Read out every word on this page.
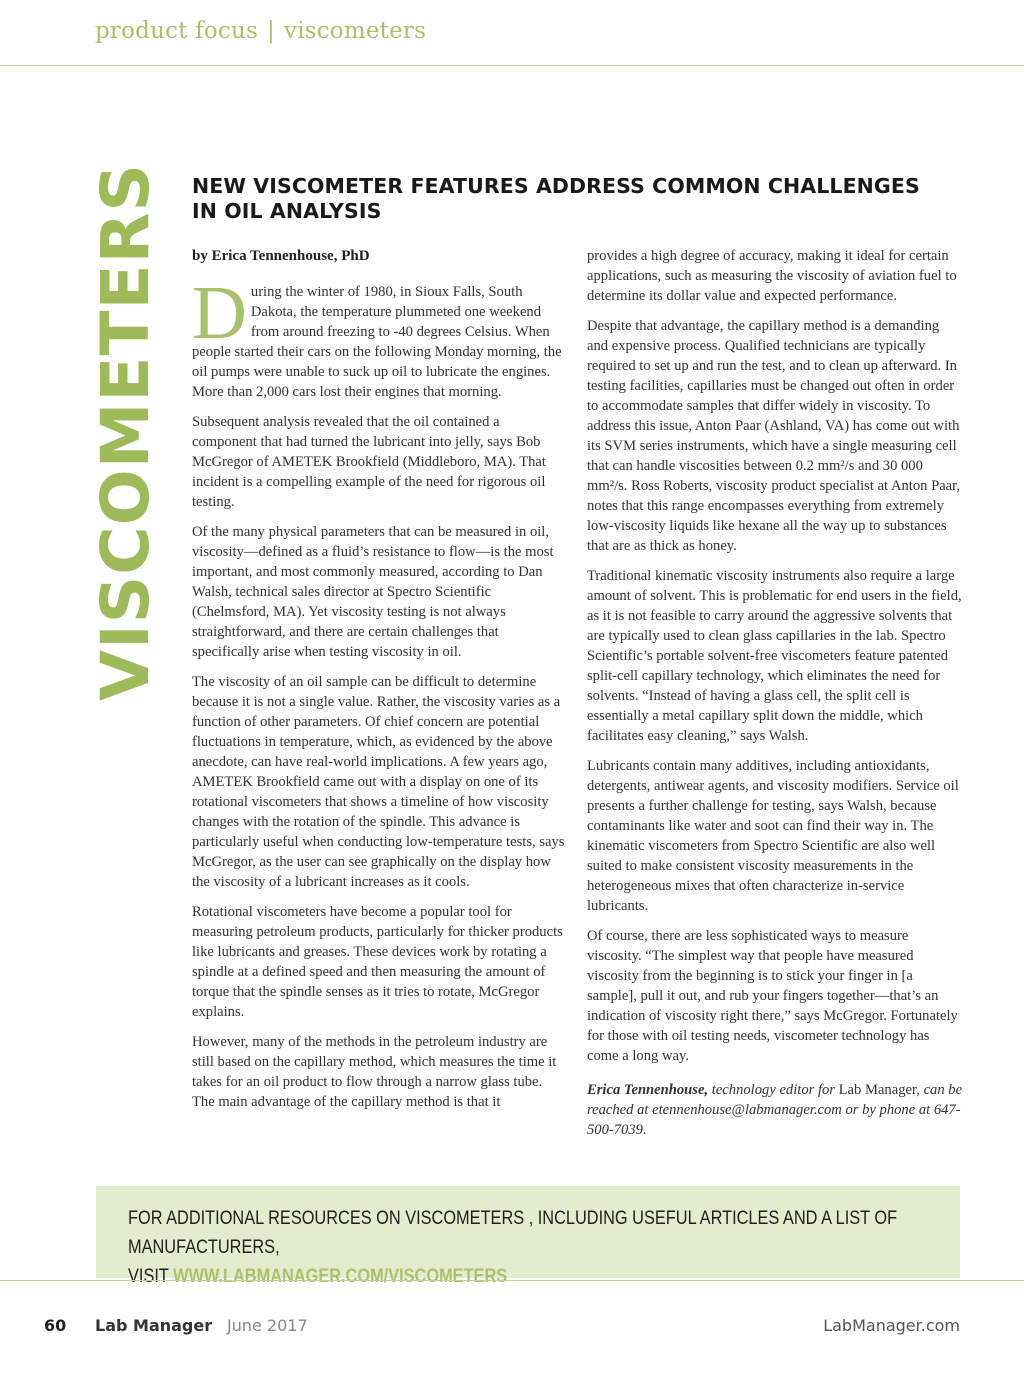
product focus | viscometers
VISCOMETERS NEW VISCOMETER FEATURES ADDRESS COMMON CHALLENGES
IN OIL ANALYSIS

by Erica Tennenhouse, PhD

During the winter of 1980, in Sioux Falls, South Dakota, the temperature plummeted one weekend from around freezing to -40 degrees Celsius. When people started their cars on the following Monday morning, the oil pumps were unable to suck up oil to lubricate the engines. More than 2,000 cars lost their engines that morning.

Subsequent analysis revealed that the oil contained a component that had turned the lubricant into jelly, says Bob McGregor of AMETEK Brookfield (Middleboro, MA). That incident is a compelling example of the need for rigorous oil testing.

Of the many physical parameters that can be measured in oil, viscosity—defined as a fluid’s resistance to flow—is the most important, and most commonly measured, according to Dan Walsh, technical sales director at Spectro Scientific (Chelmsford, MA). Yet viscosity testing is not always straightforward, and there are certain challenges that specifically arise when testing viscosity in oil.

The viscosity of an oil sample can be difficult to determine because it is not a single value. Rather, the viscosity varies as a function of other parameters. Of chief concern are potential fluctuations in temperature, which, as evidenced by the above anecdote, can have real-world implications. A few years ago, AMETEK Brookfield came out with a display on one of its rotational viscometers that shows a timeline of how viscosity changes with the rotation of the spindle. This advance is particularly useful when conducting low-temperature tests, says McGregor, as the user can see graphically on the display how the viscosity of a lubricant increases as it cools.

Rotational viscometers have become a popular tool for measuring petroleum products, particularly for thicker products like lubricants and greases. These devices work by rotating a spindle at a defined speed and then measuring the amount of torque that the spindle senses as it tries to rotate, McGregor explains.

However, many of the methods in the petroleum industry are still based on the capillary method, which measures the time it takes for an oil product to flow through a narrow glass tube. The main advantage of the capillary method is that it

provides a high degree of accuracy, making it ideal for certain applications, such as measuring the viscosity of aviation fuel to determine its dollar value and expected performance.

Despite that advantage, the capillary method is a demanding and expensive process. Qualified technicians are typically required to set up and run the test, and to clean up afterward. In testing facilities, capillaries must be changed out often in order to accommodate samples that differ widely in viscosity. To address this issue, Anton Paar (Ashland, VA) has come out with its SVM series instruments, which have a single measuring cell that can handle viscosities between 0.2 mm²/s and 30 000 mm²/s. Ross Roberts, viscosity product specialist at Anton Paar, notes that this range encompasses everything from extremely low-viscosity liquids like hexane all the way up to substances that are as thick as honey.

Traditional kinematic viscosity instruments also require a large amount of solvent. This is problematic for end users in the field, as it is not feasible to carry around the aggressive solvents that are typically used to clean glass capillaries in the lab. Spectro Scientific’s portable solvent-free viscometers feature patented split-cell capillary technology, which eliminates the need for solvents. “Instead of having a glass cell, the split cell is essentially a metal capillary split down the middle, which facilitates easy cleaning,” says Walsh.

Lubricants contain many additives, including antioxidants, detergents, antiwear agents, and viscosity modifiers. Service oil presents a further challenge for testing, says Walsh, because contaminants like water and soot can find their way in. The kinematic viscometers from Spectro Scientific are also well suited to make consistent viscosity measurements in the heterogeneous mixes that often characterize in-service lubricants.

Of course, there are less sophisticated ways to measure viscosity. “The simplest way that people have measured viscosity from the beginning is to stick your finger in [a sample], pull it out, and rub your fingers together—that’s an indication of viscosity right there,” says McGregor. Fortunately for those with oil testing needs, viscometer technology has come a long way.

Erica Tennenhouse, technology editor for Lab Manager, can be reached at etennenhouse@labmanager.com or by phone at 647-500-7039.

FOR ADDITIONAL RESOURCES ON VISCOMETERS , INCLUDING USEFUL ARTICLES AND A LIST OF MANUFACTURERS,
VISIT WWW.LABMANAGER.COM/VISCOMETERS
60 Lab Manager June 2017	LabManager.com
